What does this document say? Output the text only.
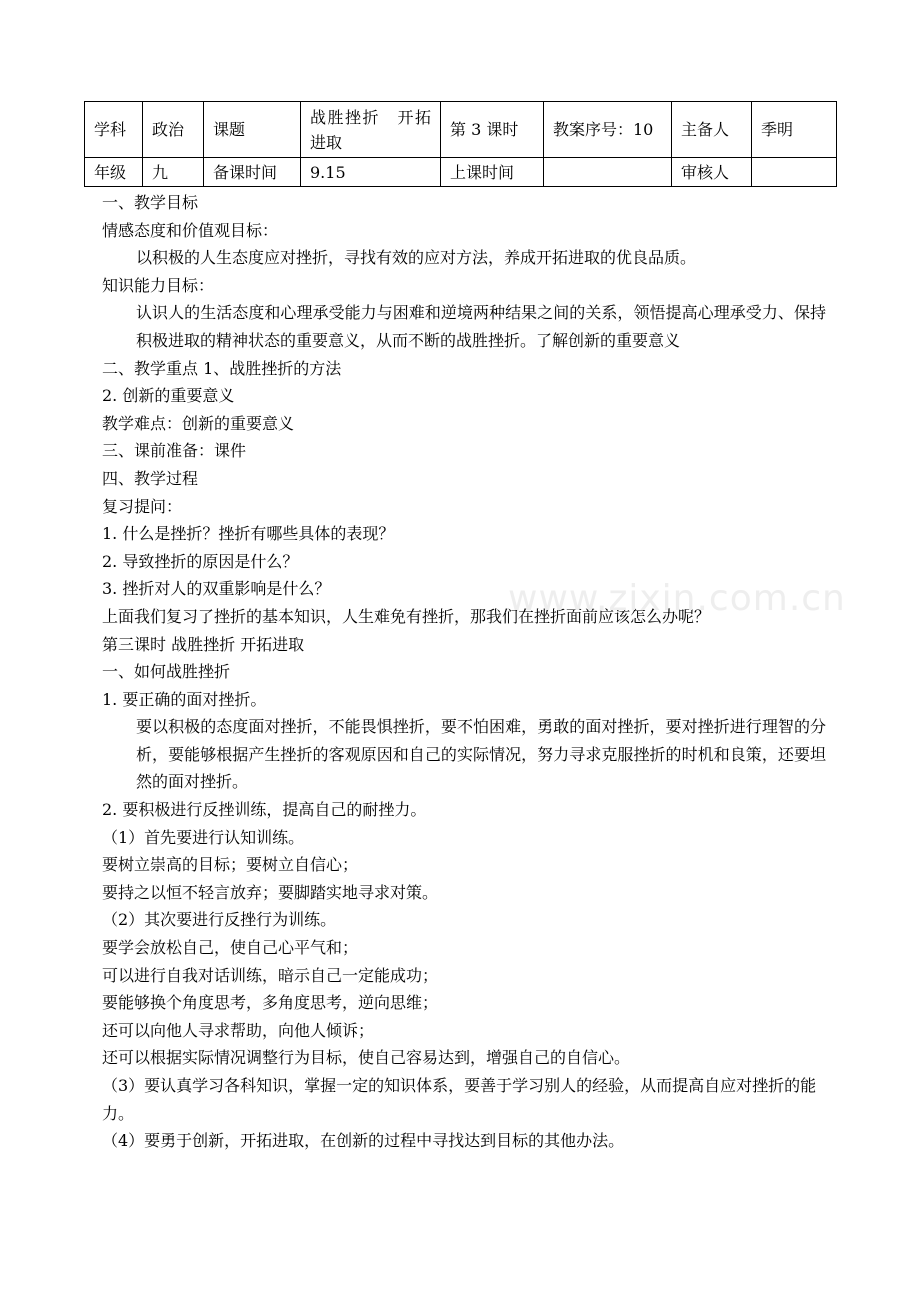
学科	政治	课题	战胜挫折　开拓进取	第 3 课时	教案序号：10	主备人	季明
年级	九	备课时间	9.15	上课时间		审核人	
一、教学目标
情感态度和价值观目标：
以积极的人生态度应对挫折，寻找有效的应对方法，养成开拓进取的优良品质。
知识能力目标：
认识人的生活态度和心理承受能力与困难和逆境两种结果之间的关系，领悟提高心理承受力、保持积极进取的精神状态的重要意义，从而不断的战胜挫折。了解创新的重要意义
二、教学重点 1、战胜挫折的方法
2. 创新的重要意义
教学难点：创新的重要意义
三、课前准备：课件
四、教学过程
复习提问：
1. 什么是挫折？挫折有哪些具体的表现？
2. 导致挫折的原因是什么？
3. 挫折对人的双重影响是什么？
上面我们复习了挫折的基本知识，人生难免有挫折，那我们在挫折面前应该怎么办呢？
第三课时 战胜挫折 开拓进取
一、如何战胜挫折
1. 要正确的面对挫折。
要以积极的态度面对挫折，不能畏惧挫折，要不怕困难，勇敢的面对挫折，要对挫折进行理智的分析，要能够根据产生挫折的客观原因和自己的实际情况，努力寻求克服挫折的时机和良策，还要坦然的面对挫折。
2. 要积极进行反挫训练，提高自己的耐挫力。
（1）首先要进行认知训练。
要树立崇高的目标；要树立自信心；
要持之以恒不轻言放弃；要脚踏实地寻求对策。
（2）其次要进行反挫行为训练。
要学会放松自己，使自己心平气和；
可以进行自我对话训练，暗示自己一定能成功；
要能够换个角度思考，多角度思考，逆向思维；
还可以向他人寻求帮助，向他人倾诉；
还可以根据实际情况调整行为目标，使自己容易达到，增强自己的自信心。
（3）要认真学习各科知识，掌握一定的知识体系，要善于学习别人的经验，从而提高自应对挫折的能力。
（4）要勇于创新，开拓进取，在创新的过程中寻找达到目标的其他办法。
www.zixin.com.cn
